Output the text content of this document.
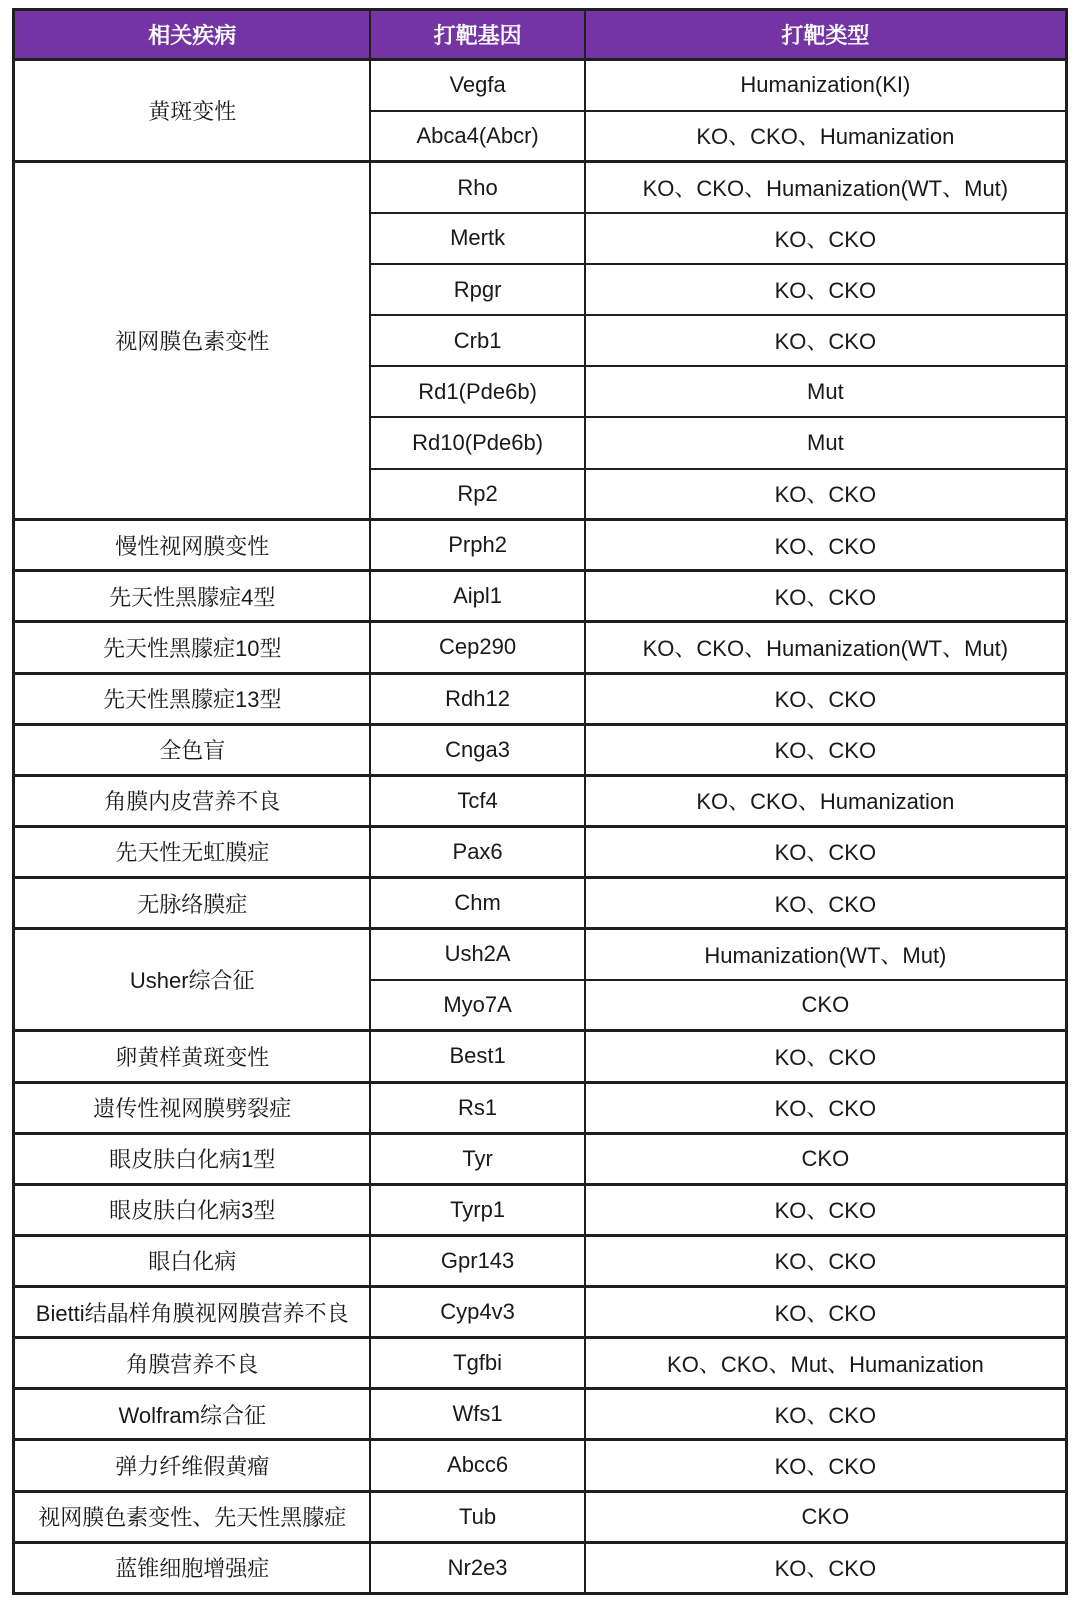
相关疾病	打靶基因	打靶类型
黄斑变性	Vegfa	Humanization(KI)
	Abca4(Abcr)	KO、CKO、Humanization
视网膜色素变性	Rho	KO、CKO、Humanization(WT、Mut)
	Mertk	KO、CKO
	Rpgr	KO、CKO
	Crb1	KO、CKO
	Rd1(Pde6b)	Mut
	Rd10(Pde6b)	Mut
	Rp2	KO、CKO
慢性视网膜变性	Prph2	KO、CKO
先天性黑朦症4型	Aipl1	KO、CKO
先天性黑朦症10型	Cep290	KO、CKO、Humanization(WT、Mut)
先天性黑朦症13型	Rdh12	KO、CKO
全色盲	Cnga3	KO、CKO
角膜内皮营养不良	Tcf4	KO、CKO、Humanization
先天性无虹膜症	Pax6	KO、CKO
无脉络膜症	Chm	KO、CKO
Usher综合征	Ush2A	Humanization(WT、Mut)
	Myo7A	CKO
卵黄样黄斑变性	Best1	KO、CKO
遗传性视网膜劈裂症	Rs1	KO、CKO
眼皮肤白化病1型	Tyr	CKO
眼皮肤白化病3型	Tyrp1	KO、CKO
眼白化病	Gpr143	KO、CKO
Bietti结晶样角膜视网膜营养不良	Cyp4v3	KO、CKO
角膜营养不良	Tgfbi	KO、CKO、Mut、Humanization
Wolfram综合征	Wfs1	KO、CKO
弹力纤维假黄瘤	Abcc6	KO、CKO
视网膜色素变性、先天性黑朦症	Tub	CKO
蓝锥细胞增强症	Nr2e3	KO、CKO
